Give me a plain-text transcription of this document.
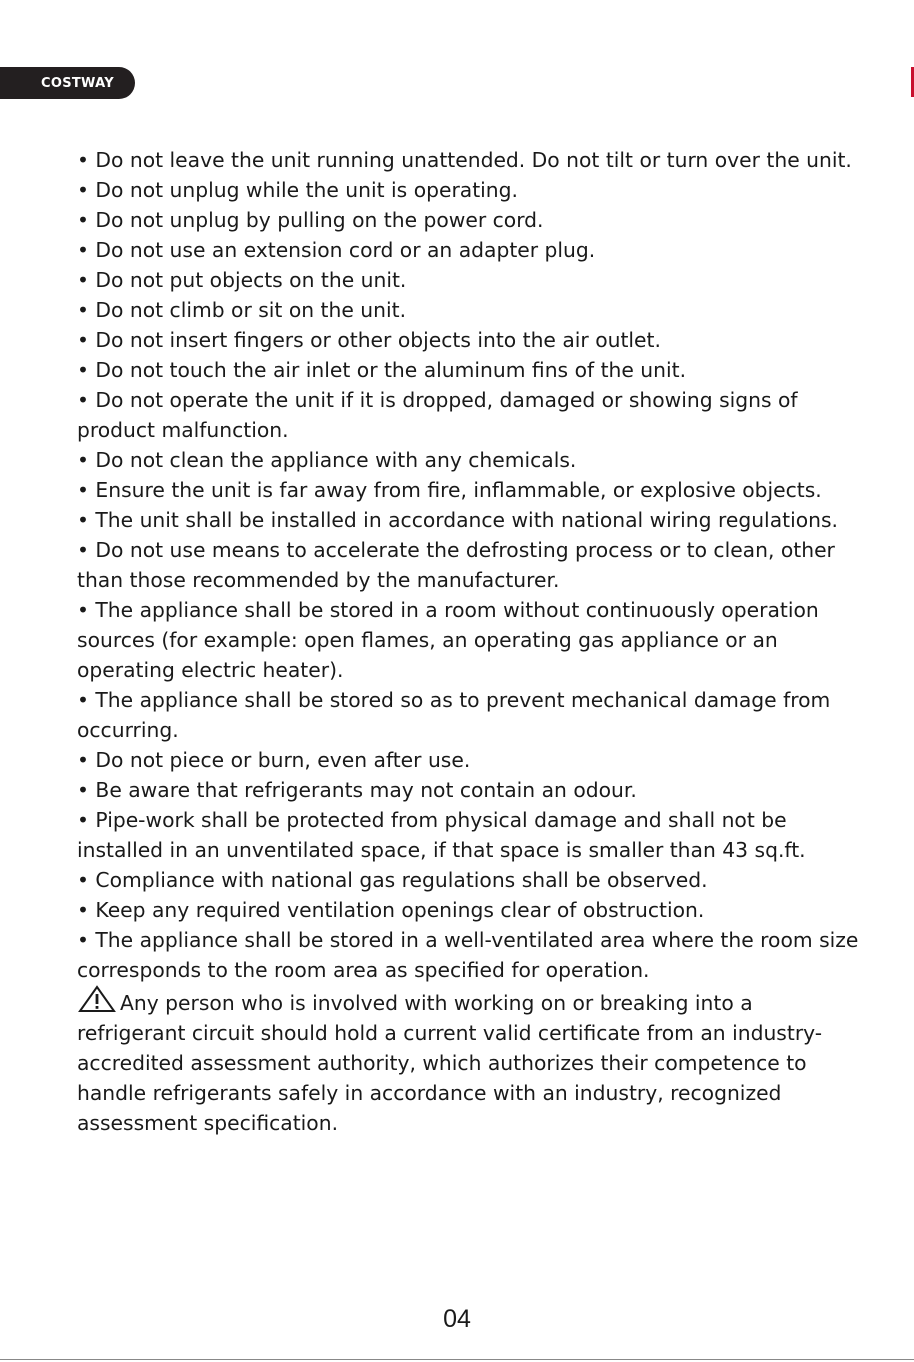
COSTWAY

• Do not leave the unit running unattended. Do not tilt or turn over the unit.

• Do not unplug while the unit is operating.

• Do not unplug by pulling on the power cord.

• Do not use an extension cord or an adapter plug.

• Do not put objects on the unit.

• Do not climb or sit on the unit.

• Do not insert fingers or other objects into the air outlet.

• Do not touch the air inlet or the aluminum fins of the unit.

• Do not operate the unit if it is dropped, damaged or showing signs of product malfunction.

• Do not clean the appliance with any chemicals.

• Ensure the unit is far away from fire, inflammable, or explosive objects.

• The unit shall be installed in accordance with national wiring regulations.

• Do not use means to accelerate the defrosting process or to clean, other than those recommended by the manufacturer.

• The appliance shall be stored in a room without continuously operation sources (for example: open flames, an operating gas appliance or an operating electric heater).

• The appliance shall be stored so as to prevent mechanical damage from occurring.

• Do not piece or burn, even after use.

• Be aware that refrigerants may not contain an odour.

• Pipe-work shall be protected from physical damage and shall not be installed in an unventilated space, if that space is smaller than 43 sq.ft.

• Compliance with national gas regulations shall be observed.

• Keep any required ventilation openings clear of obstruction.

• The appliance shall be stored in a well-ventilated area where the room size corresponds to the room area as specified for operation.

Any person who is involved with working on or breaking into a refrigerant circuit should hold a current valid certificate from an industry-accredited assessment authority, which authorizes their competence to handle refrigerants safely in accordance with an industry, recognized assessment specification.

04
